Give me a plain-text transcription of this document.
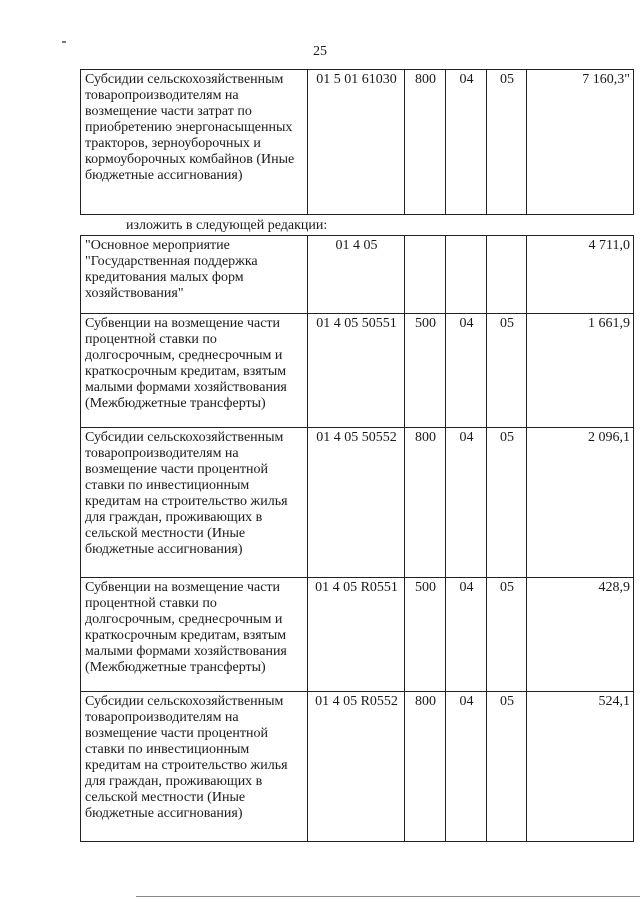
25
Субсидии сельскохозяйственным товаропроизводителям на возмещение части затрат по приобретению энергонасыщенных тракторов, зерноуборочных и кормоуборочных комбайнов (Иные бюджетные ассигнования)	01 5 01 61030	800	04	05	7 160,3"
изложить в следующей редакции:
"Основное мероприятие "Государственная поддержка кредитования малых форм хозяйствования"	01 4 05				4 711,0
Субвенции на возмещение части процентной ставки по долгосрочным, среднесрочным и краткосрочным кредитам, взятым малыми формами хозяйствования (Межбюджетные трансферты)	01 4 05 50551	500	04	05	1 661,9
Субсидии сельскохозяйственным товаропроизводителям на возмещение части процентной ставки по инвестиционным кредитам на строительство жилья для граждан, проживающих в сельской местности (Иные бюджетные ассигнования)	01 4 05 50552	800	04	05	2 096,1
Субвенции на возмещение части процентной ставки по долгосрочным, среднесрочным и краткосрочным кредитам, взятым малыми формами хозяйствования (Межбюджетные трансферты)	01 4 05 R0551	500	04	05	428,9
Субсидии сельскохозяйственным товаропроизводителям на возмещение части процентной ставки по инвестиционным кредитам на строительство жилья для граждан, проживающих в сельской местности (Иные бюджетные ассигнования)	01 4 05 R0552	800	04	05	524,1
